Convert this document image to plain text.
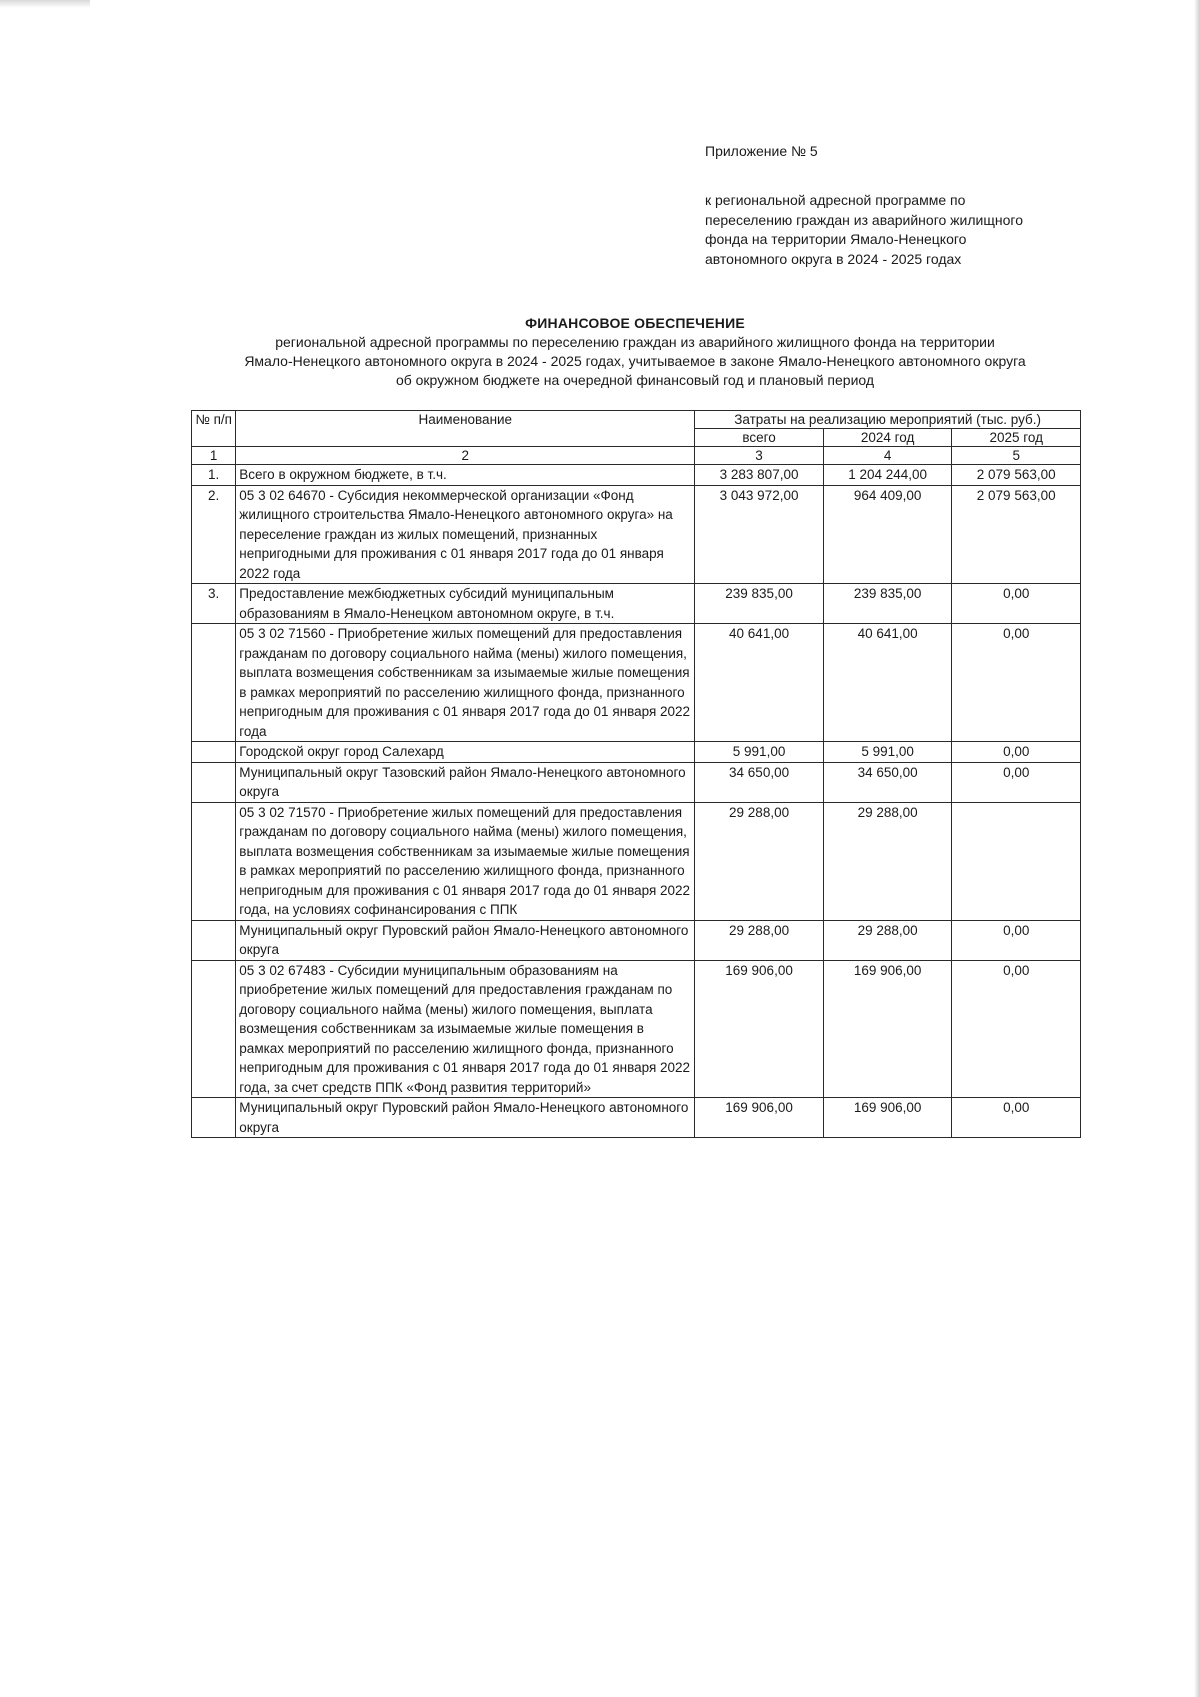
Приложение № 5
к региональной адресной программе по
переселению граждан из аварийного жилищного
фонда на территории Ямало-Ненецкого
автономного округа в 2024 - 2025 годах
ФИНАНСОВОЕ ОБЕСПЕЧЕНИЕ
региональной адресной программы по переселению граждан из аварийного жилищного фонда на территории
Ямало-Ненецкого автономного округа в 2024 - 2025 годах, учитываемое в законе Ямало-Ненецкого автономного округа
об окружном бюджете на очередной финансовый год и плановый период
№ п/п	Наименование	Затраты на реализацию мероприятий (тыс. руб.)		
		всего	2024 год	2025 год
1	2	3	4	5
1.	Всего в окружном бюджете, в т.ч.	3 283 807,00	1 204 244,00	2 079 563,00
2.	05 3 02 64670 - Субсидия некоммерческой организации «Фонд жилищного строительства Ямало-Ненецкого автономного округа» на переселение граждан из жилых помещений, признанных непригодными для проживания с 01 января 2017 года до 01 января 2022 года	3 043 972,00	964 409,00	2 079 563,00
3.	Предоставление межбюджетных субсидий муниципальным образованиям в Ямало-Ненецком автономном округе, в т.ч.	239 835,00	239 835,00	0,00
	05 3 02 71560 - Приобретение жилых помещений для предоставления гражданам по договору социального найма (мены) жилого помещения, выплата возмещения собственникам за изымаемые жилые помещения в рамках мероприятий по расселению жилищного фонда, признанного непригодным для проживания с 01 января 2017 года до 01 января 2022 года	40 641,00	40 641,00	0,00
	Городской округ город Салехард	5 991,00	5 991,00	0,00
	Муниципальный округ Тазовский район Ямало-Ненецкого автономного округа	34 650,00	34 650,00	0,00
	05 3 02 71570 - Приобретение жилых помещений для предоставления гражданам по договору социального найма (мены) жилого помещения, выплата возмещения собственникам за изымаемые жилые помещения в рамках мероприятий по расселению жилищного фонда, признанного непригодным для проживания с 01 января 2017 года до 01 января 2022 года, на условиях софинансирования с ППК	29 288,00	29 288,00	
	Муниципальный округ Пуровский район Ямало-Ненецкого автономного округа	29 288,00	29 288,00	0,00
	05 3 02 67483 - Субсидии муниципальным образованиям на приобретение жилых помещений для предоставления гражданам по договору социального найма (мены) жилого помещения, выплата возмещения собственникам за изымаемые жилые помещения в рамках мероприятий по расселению жилищного фонда, признанного непригодным для проживания с 01 января 2017 года до 01 января 2022 года, за счет средств ППК «Фонд развития территорий»	169 906,00	169 906,00	0,00
	Муниципальный округ Пуровский район Ямало-Ненецкого автономного округа	169 906,00	169 906,00	0,00
